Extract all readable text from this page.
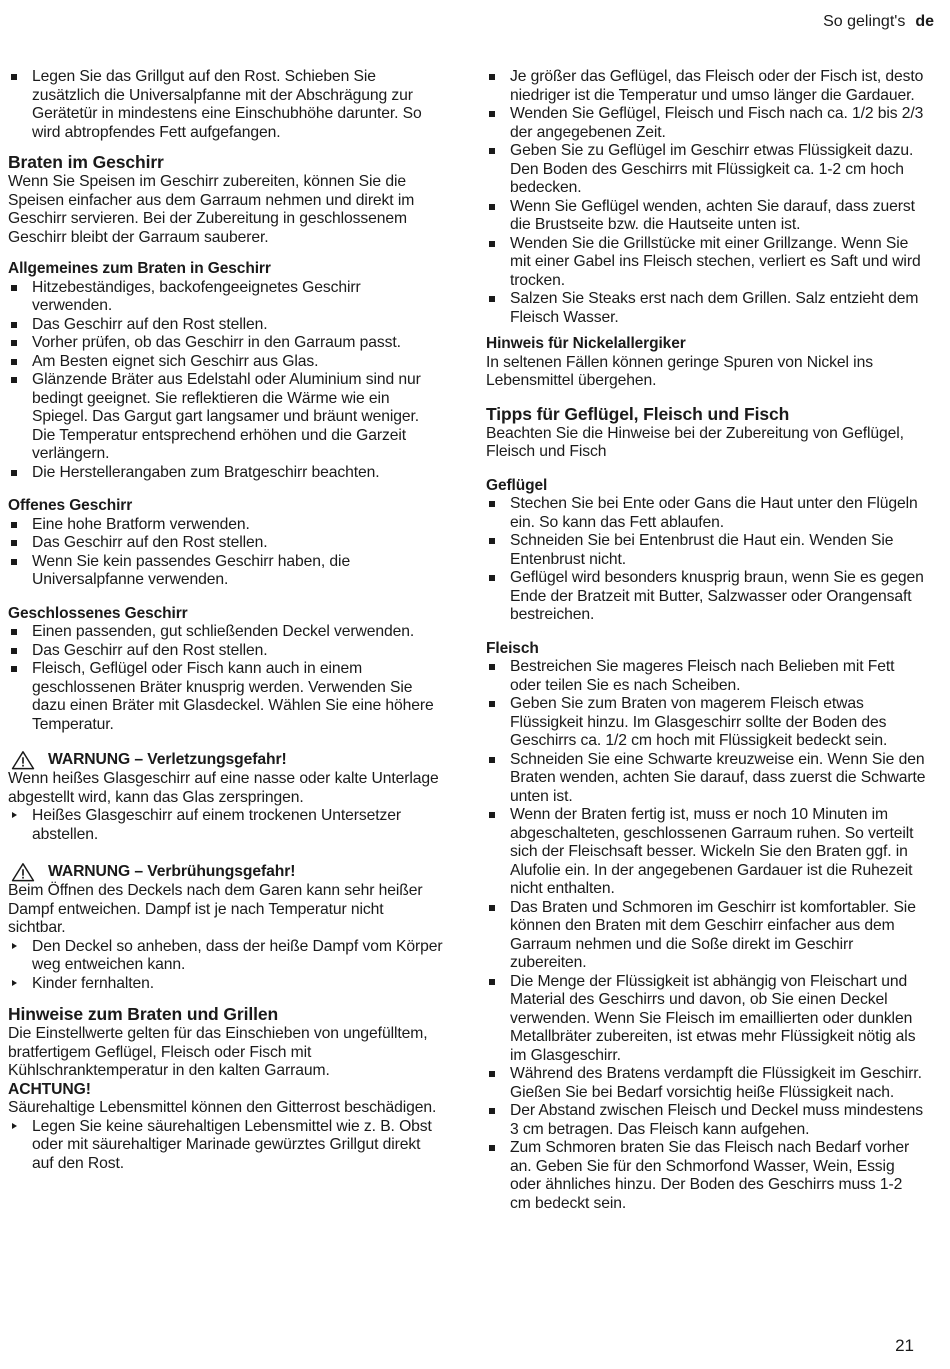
So gelingt's de
Legen Sie das Grillgut auf den Rost. Schieben Sie zusätzlich die Universalpfanne mit der Abschrägung zur Gerätetür in mindestens eine Einschubhöhe darunter. So wird abtropfendes Fett aufgefangen.
Braten im Geschirr

Wenn Sie Speisen im Geschirr zubereiten, können Sie die Speisen einfacher aus dem Garraum nehmen und direkt im Geschirr servieren. Bei der Zubereitung in geschlossenem Geschirr bleibt der Garraum sauberer.

Allgemeines zum Braten in Geschirr
Hitzebeständiges, backofengeeignetes Geschirr verwenden.
Das Geschirr auf den Rost stellen.
Vorher prüfen, ob das Geschirr in den Garraum passt.
Am Besten eignet sich Geschirr aus Glas.
Glänzende Bräter aus Edelstahl oder Aluminium sind nur bedingt geeignet. Sie reflektieren die Wärme wie ein Spiegel. Das Gargut gart langsamer und bräunt weniger. Die Temperatur entsprechend erhöhen und die Garzeit verlängern.
Die Herstellerangaben zum Bratgeschirr beachten.
Offenes Geschirr
Eine hohe Bratform verwenden.
Das Geschirr auf den Rost stellen.
Wenn Sie kein passendes Geschirr haben, die Universalpfanne verwenden.
Geschlossenes Geschirr
Einen passenden, gut schließenden Deckel verwenden.
Das Geschirr auf den Rost stellen.
Fleisch, Geflügel oder Fisch kann auch in einem geschlossenen Bräter knusprig werden. Verwenden Sie dazu einen Bräter mit Glasdeckel. Wählen Sie eine höhere Temperatur.
WARNUNG – Verletzungsgefahr!

Wenn heißes Glasgeschirr auf eine nasse oder kalte Unterlage abgestellt wird, kann das Glas zerspringen.

Heißes Glasgeschirr auf einem trockenen Untersetzer abstellen.
WARNUNG – Verbrühungsgefahr!

Beim Öffnen des Deckels nach dem Garen kann sehr heißer Dampf entweichen. Dampf ist je nach Temperatur nicht sichtbar.

Den Deckel so anheben, dass der heiße Dampf vom Körper weg entweichen kann.
Kinder fernhalten.
Hinweise zum Braten und Grillen

Die Einstellwerte gelten für das Einschieben von ungefülltem, bratfertigem Geflügel, Fleisch oder Fisch mit Kühlschranktemperatur in den kalten Garraum.

ACHTUNG!

Säurehaltige Lebensmittel können den Gitterrost beschädigen.

Legen Sie keine säurehaltigen Lebensmittel wie z. B. Obst oder mit säurehaltiger Marinade gewürztes Grillgut direkt auf den Rost.
Je größer das Geflügel, das Fleisch oder der Fisch ist, desto niedriger ist die Temperatur und umso länger die Gardauer.
Wenden Sie Geflügel, Fleisch und Fisch nach ca. 1/2 bis 2/3 der angegebenen Zeit.
Geben Sie zu Geflügel im Geschirr etwas Flüssigkeit dazu. Den Boden des Geschirrs mit Flüssigkeit ca. 1-2 cm hoch bedecken.
Wenn Sie Geflügel wenden, achten Sie darauf, dass zuerst die Brustseite bzw. die Hautseite unten ist.
Wenden Sie die Grillstücke mit einer Grillzange. Wenn Sie mit einer Gabel ins Fleisch stechen, verliert es Saft und wird trocken.
Salzen Sie Steaks erst nach dem Grillen. Salz entzieht dem Fleisch Wasser.
Hinweis für Nickelallergiker

In seltenen Fällen können geringe Spuren von Nickel ins Lebensmittel übergehen.

Tipps für Geflügel, Fleisch und Fisch

Beachten Sie die Hinweise bei der Zubereitung von Geflügel, Fleisch und Fisch

Geflügel
Stechen Sie bei Ente oder Gans die Haut unter den Flügeln ein. So kann das Fett ablaufen.
Schneiden Sie bei Entenbrust die Haut ein. Wenden Sie Entenbrust nicht.
Geflügel wird besonders knusprig braun, wenn Sie es gegen Ende der Bratzeit mit Butter, Salzwasser oder Orangensaft bestreichen.
Fleisch
Bestreichen Sie mageres Fleisch nach Belieben mit Fett oder teilen Sie es nach Scheiben.
Geben Sie zum Braten von magerem Fleisch etwas Flüssigkeit hinzu. Im Glasgeschirr sollte der Boden des Geschirrs ca. 1/2 cm hoch mit Flüssigkeit bedeckt sein.
Schneiden Sie eine Schwarte kreuzweise ein. Wenn Sie den Braten wenden, achten Sie darauf, dass zuerst die Schwarte unten ist.
Wenn der Braten fertig ist, muss er noch 10 Minuten im abgeschalteten, geschlossenen Garraum ruhen. So verteilt sich der Fleischsaft besser. Wickeln Sie den Braten ggf. in Alufolie ein. In der angegebenen Gardauer ist die Ruhezeit nicht enthalten.
Das Braten und Schmoren im Geschirr ist komfortabler. Sie können den Braten mit dem Geschirr einfacher aus dem Garraum nehmen und die Soße direkt im Geschirr zubereiten.
Die Menge der Flüssigkeit ist abhängig von Fleischart und Material des Geschirrs und davon, ob Sie einen Deckel verwenden. Wenn Sie Fleisch im emaillierten oder dunklen Metallbräter zubereiten, ist etwas mehr Flüssigkeit nötig als im Glasgeschirr.
Während des Bratens verdampft die Flüssigkeit im Geschirr. Gießen Sie bei Bedarf vorsichtig heiße Flüssigkeit nach.
Der Abstand zwischen Fleisch und Deckel muss mindestens 3 cm betragen. Das Fleisch kann aufgehen.
Zum Schmoren braten Sie das Fleisch nach Bedarf vorher an. Geben Sie für den Schmorfond Wasser, Wein, Essig oder ähnliches hinzu. Der Boden des Geschirrs muss 1-2 cm bedeckt sein.
21
